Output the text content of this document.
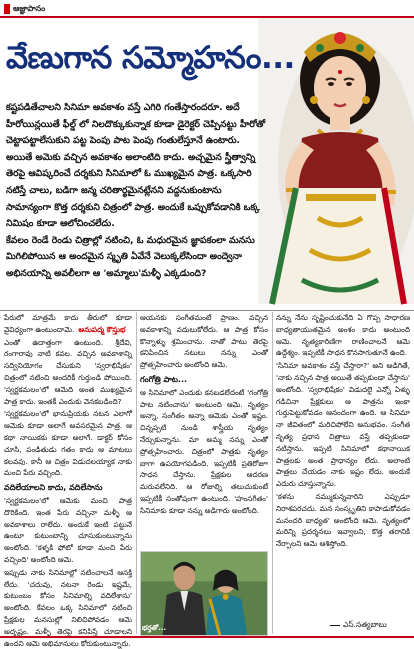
ఆజ్ఞాపానం
వేణుగాన సమ్మోహనం...

కష్టపడితేచాలని సినిమా అవకాశం వస్తే ఎగిరి గంతేస్తారందరూ. అదే హీరోయిన్లయితే ఫీల్డ్ లో నిలదొక్కుకున్నాక కూడా డైరెక్టర్ చెప్పినట్టు హీరోతో చెట్టాపట్టాలేసుకుని పట్ట పెంపు పాట పెంపు గంతులేస్తూనే ఉంటారు. అయితే అమెకు వచ్చిన అవకాశం అలాంటిది కాదు. అచ్చమైన స్త్రీత్వాన్ని తెరపై ఆవిష్కరించే దర్శకుని సినిమాలో ఓ ముఖ్యమైన పాత్ర. ఒక్కసారి నటిస్తే చాలు, బడిగా జన్మ చరితార్థమైనట్లేనని వద్దనుకుంటాను సామాన్యంగా కొత్త దర్శకుని చిత్రంలో పాత్ర. అందుకే ఒప్పుకోవడానికి ఒక్క నిమిషం కూడా ఆలోచించలేదు.

కేవలం రెండే రెండు చిత్రాల్లో నటించి, ఓ మధురమైన జ్ఞాపకంలా మనసు మిగిలిపోయిన ఆ అందమైన స్మృతి ఏవేనే వెలుక్కలేసిందా అంద్వెనా అభినయాన్ని అవలీలగా ఆ 'అమ్మాలు'మళ్ళీ ఎక్కడుంది?

పేరులో మాత్రమే కాదు తీరులో కూడా వైవిధ్యంగా ఉంటుందామె. అనుపద్మ కౌస్తుభ

ఎంతో ఉదాత్తంగా ఉంటుంది. శ్రీదేవి, రంగారావు నాటి కవల. వచ్చిన అవకాశాన్ని సద్వినియోగం చేసుకుని 'స్వరాభిషేకం' చిత్రంలో నటించి అందరికీ గుర్తుండి పోయింది. 'స్వర్ణకమలం'లో ఆమెది అంత ముఖ్యమైన పాత్ర కాదు. ఇంతకీ ఎందుకు వెనకబడింది?

'స్వర్ణకమలం'లో భానుప్రియకు నటన ఎలాగో ఆమెకు కూడా అలాగే అవసరమైన పాత్ర. ఆ కథా నాయికకు కూడా అలాగే. డాక్టర్‌ కోసం చూసి, పండితుడు గతం కాదు ఆ మాటలు కలవవు. కానీ ఆ చిత్రం విడుదలయ్యాక నాకు మంచి పేరు వచ్చింది.

వదిలేయాలని కాదు, వదిలేసాను

'స్వర్ణకమలం'లో ఆమెకు మంచి పాత్ర దొరికింది. ఇంత పేరు వచ్చినా మళ్ళీ ఆ అవకాశాలు రాలేదు. అందుకే ఇంటి పట్టునే ఉంటూ కుటుంబాన్ని చూసుకుంటున్నాను అంటోంది. 'కళ్ళకి ఫోటో కూడా మంచి పేరు వచ్చింది' అంటోంది ఆమె.

ఇప్పుడు నాకు సినిమాల్లో నటించాలనే ఆసక్తి లేదు. 'చదువు, నటనా రెండు ఇష్టమే, కుటుంబం కోసం సినిమాల్ని వదిలేశాను' అంటోంది. కేవలం ఒక్క సినిమాలో నటించి ప్రేక్షకుల మనసుల్లో నిలిచిపోవడం ఆమె అదృష్టం. మళ్ళీ తెరపై కనిపిస్తే చూడాలని ఉందని ఆమె అభిమానులు కోరుకుంటున్నారు.

ఆయనకు సంగీతమంటే ప్రాణం. వచ్చిన అవకాశాన్ని వదులుకోలేదు. ఆ పాత్ర కోసం కొన్నాళ్ళు శ్రమించాను. నాతో పాటు తెరపై కనిపించిన నటులు నన్ను ఎంతో ప్రోత్సహించారు అంటోంది ఆమె.

గంగోత్రి పాట...

ఆ సినిమాలో ఎందుకు కనబడలేదంటే 'గంగోత్రి పాట నటించాను' అంటుంది ఆమె. నృత్యం అన్నా, సంగీతం అన్నా ఆమెకు ఎంతో ఇష్టం. చిన్నప్పటి నుండి శాస్త్రీయ నృత్యం నేర్చుకున్నాను. మా అమ్మ నన్ను ఎంతో ప్రోత్సహించారు. చిత్రంలో పాత్రకు నృత్యం బాగా ఉపయోగపడింది. ఇప్పటికీ ప్రతిరోజూ సాధన చేస్తాను. ప్రేక్షకుల ఆదరణ మరువలేనిది. ఆ రోజుల్ని తలుచుకుంటే ఇప్పటికీ సంతోషంగా ఉంటుంది. 'హంసగీతం' సినిమాకు కూడా నన్ను అడిగారు అంటోంది.

నన్ను నేను సృష్టించుకునేది ఏ గొప్ప సాధారణ బాధ్యతాయుతమైన అంశం కాదు అంటుంది ఆమె. నృత్యకారిణిగా రాణించాలనే ఆమె ఉద్దేశ్యం. ఇప్పటికీ సాధన కొనసాగుతూనే ఉంది.

'సినిమా అవకాశం వస్తే చేస్తారా?' అని అడిగితే, 'నాకు నచ్చిన పాత్ర అయితే తప్పకుండా చేస్తాను' అంటోంది. 'స్వరాభిషేకం' విడుదలై ఎన్నో ఏళ్ళు గడిచినా ప్రేక్షకులు ఆ పాత్రను ఇంకా గుర్తుపెట్టుకోవడం ఆనందంగా ఉంది. ఆ సినిమా నా జీవితంలో మరిచిపోలేని అనుభవం. సంగీత నృత్య ప్రధాన చిత్రాలు వస్తే తప్పకుండా నటిస్తాను. ఇప్పటి సినిమాలో కథానాయిక పాత్రలకు అంత ప్రాధాన్యం లేదు. అలాంటి పాత్రలు చేయడం నాకు ఇష్టం లేదు. అందుకే ఎదురు చూస్తున్నాను.

'కళను నమ్ముకున్నవారిని ఎప్పుడూ నిరాశపరచదు. మన సంస్కృతిని కాపాడుకోవడం మనందరి బాధ్యత' అంటోంది ఆమె. నృత్యంలో మరిన్ని ప్రదర్శనలు ఇవ్వాలని, కొత్త తరానికి నేర్పాలని ఆమె ఆశిస్తోంది.

భర్తతో...	ఎస్.సత్యబాబు
